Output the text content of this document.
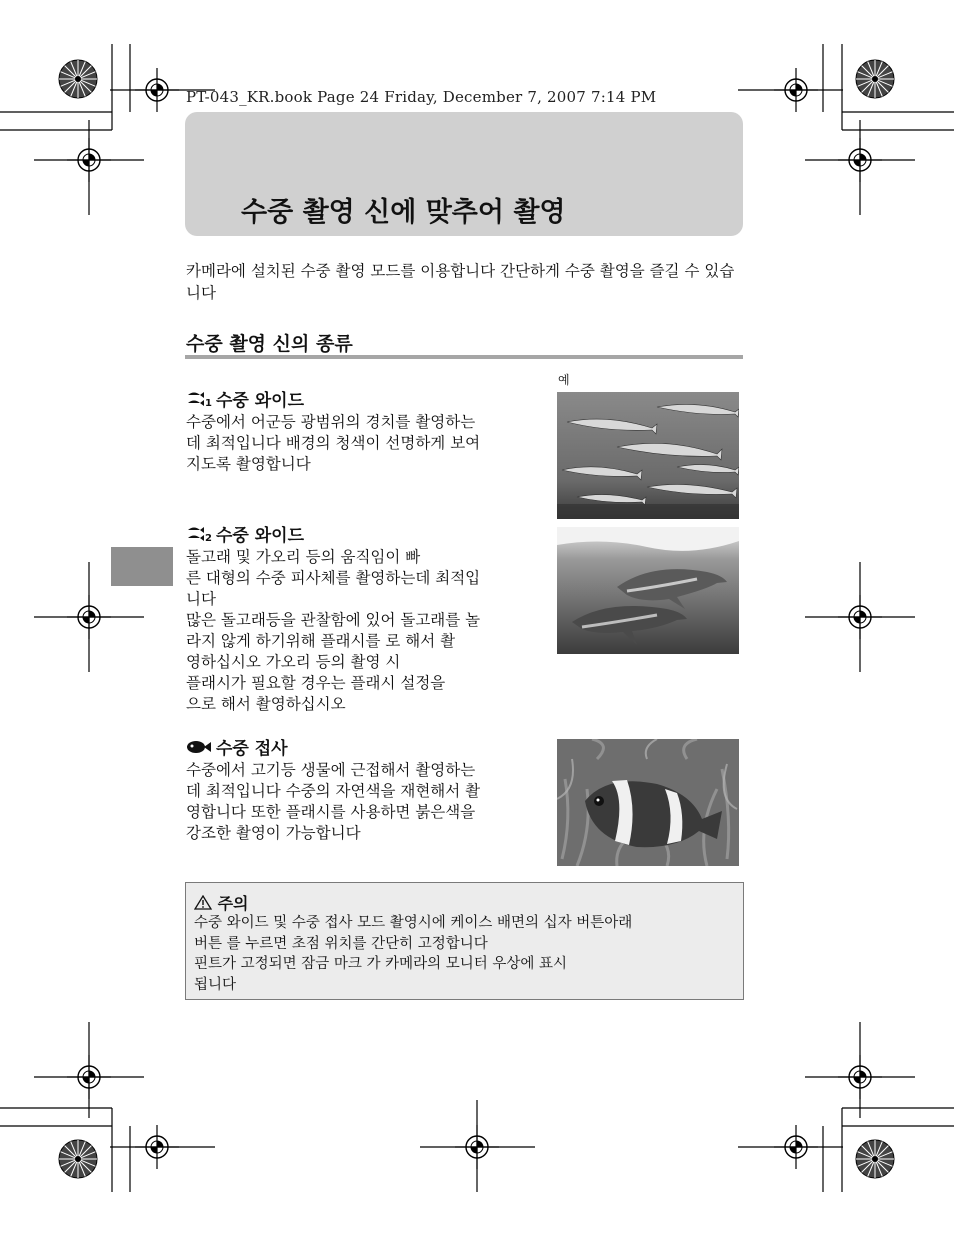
PT-043_KR.book Page 24 Friday, December 7, 2007 7:14 PM
수중 촬영 신에 맞추어 촬영
카메라에 설치된 수중 촬영 모드를 이용합니다 간단하게 수중 촬영을 즐길 수 있습니다
수중 촬영 신의 종류
예
1 수중 와이드

수중에서 어군등 광범위의 경치를 촬영하는

데 최적입니다 배경의 청색이 선명하게 보여

지도록 촬영합니다

2 수중 와이드

돌고래 및 가오리 등의 움직임이 빠

른 대형의 수중 피사체를 촬영하는데 최적입

니다

많은 돌고래등을 관찰함에 있어 돌고래를 놀

라지 않게 하기위해 플래시를 로 해서 촬

영하십시오 가오리 등의 촬영 시

플래시가 필요할 경우는 플래시 설정을

으로 해서 촬영하십시오

수중 접사

수중에서 고기등 생물에 근접해서 촬영하는

데 최적입니다 수중의 자연색을 재현해서 촬

영합니다 또한 플래시를 사용하면 붉은색을

강조한 촬영이 가능합니다

주의

수중 와이드 및 수중 접사 모드 촬영시에 케이스 배면의 십자 버튼아래

버튼 를 누르면 초점 위치를 간단히 고정합니다

핀트가 고정되면 잠금 마크 가 카메라의 모니터 우상에 표시

됩니다
